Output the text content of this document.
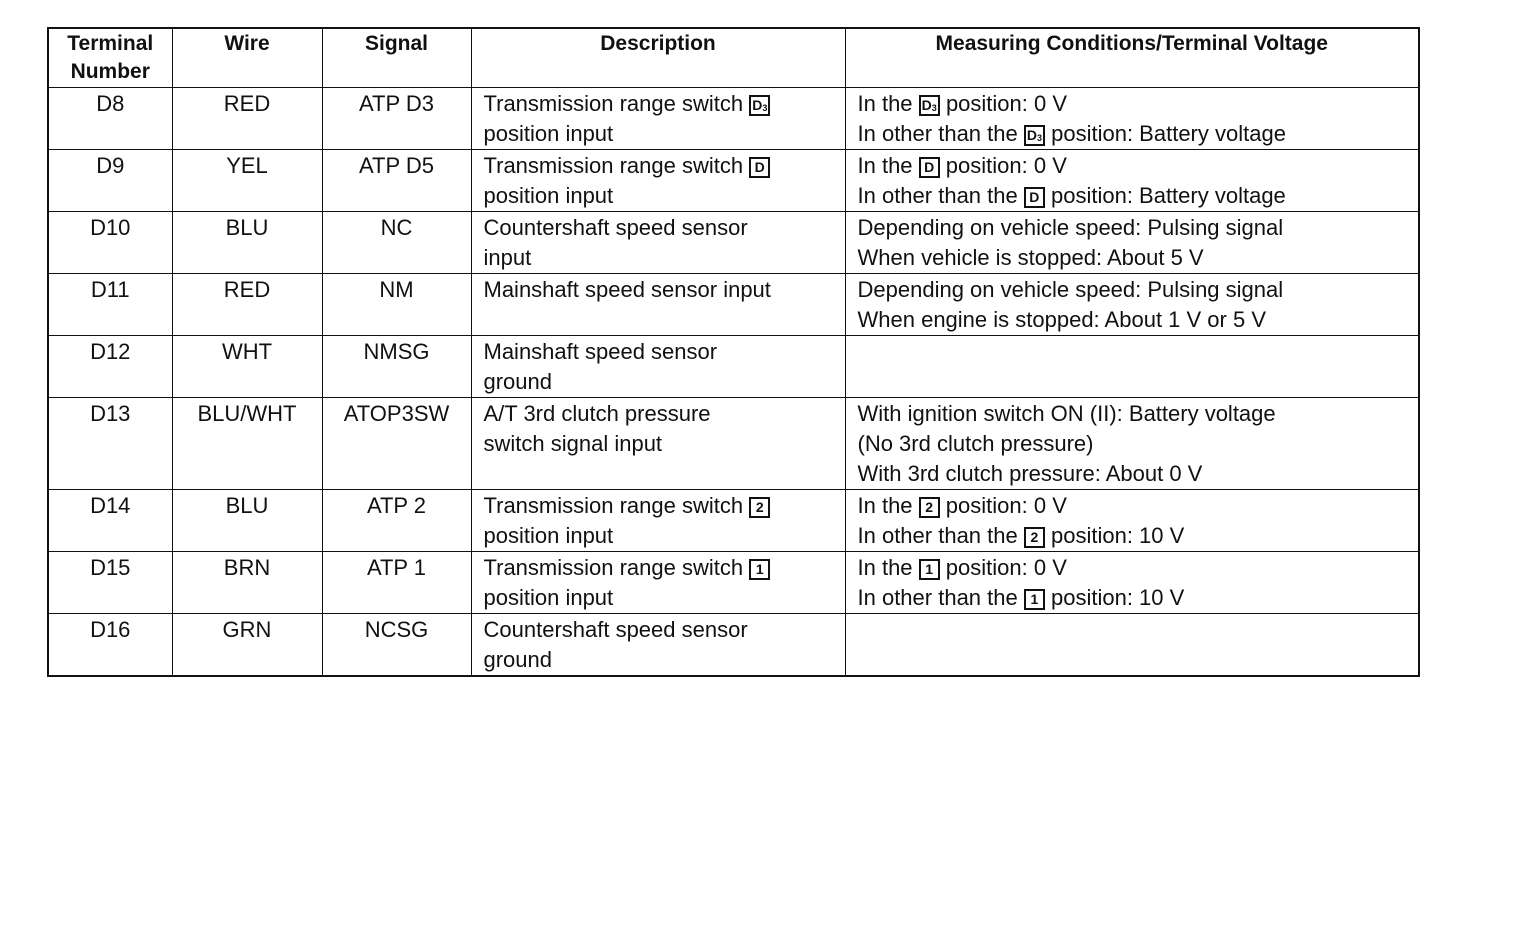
Terminal
Number	Wire	Signal	Description	Measuring Conditions/Terminal Voltage
D8	RED	ATP D3	Transmission range switch $D_3$
position input	In the $D_3$ position: 0 V
In other than the $D_3$ position: Battery voltage

D9	YEL	ATP D5	Transmission range switch D
position input	In the D position: 0 V
In other than the D position: Battery voltage

D10	BLU	NC	Countershaft speed sensor
input	Depending on vehicle speed: Pulsing signal
When vehicle is stopped: About 5 V

D11	RED	NM	Mainshaft speed sensor input	Depending on vehicle speed: Pulsing signal
When engine is stopped: About 1 V or 5 V

D12	WHT	NMSG	Mainshaft speed sensor
ground	

D13	BLU/WHT	ATOP3SW	A/T 3rd clutch pressure
switch signal input	With ignition switch ON (II): Battery voltage
(No 3rd clutch pressure)
With 3rd clutch pressure: About 0 V

D14	BLU	ATP 2	Transmission range switch 2
position input	In the 2 position: 0 V
In other than the 2 position: 10 V

D15	BRN	ATP 1	Transmission range switch 1
position input	In the 1 position: 0 V
In other than the 1 position: 10 V

D16	GRN	NCSG	Countershaft speed sensor
ground	
